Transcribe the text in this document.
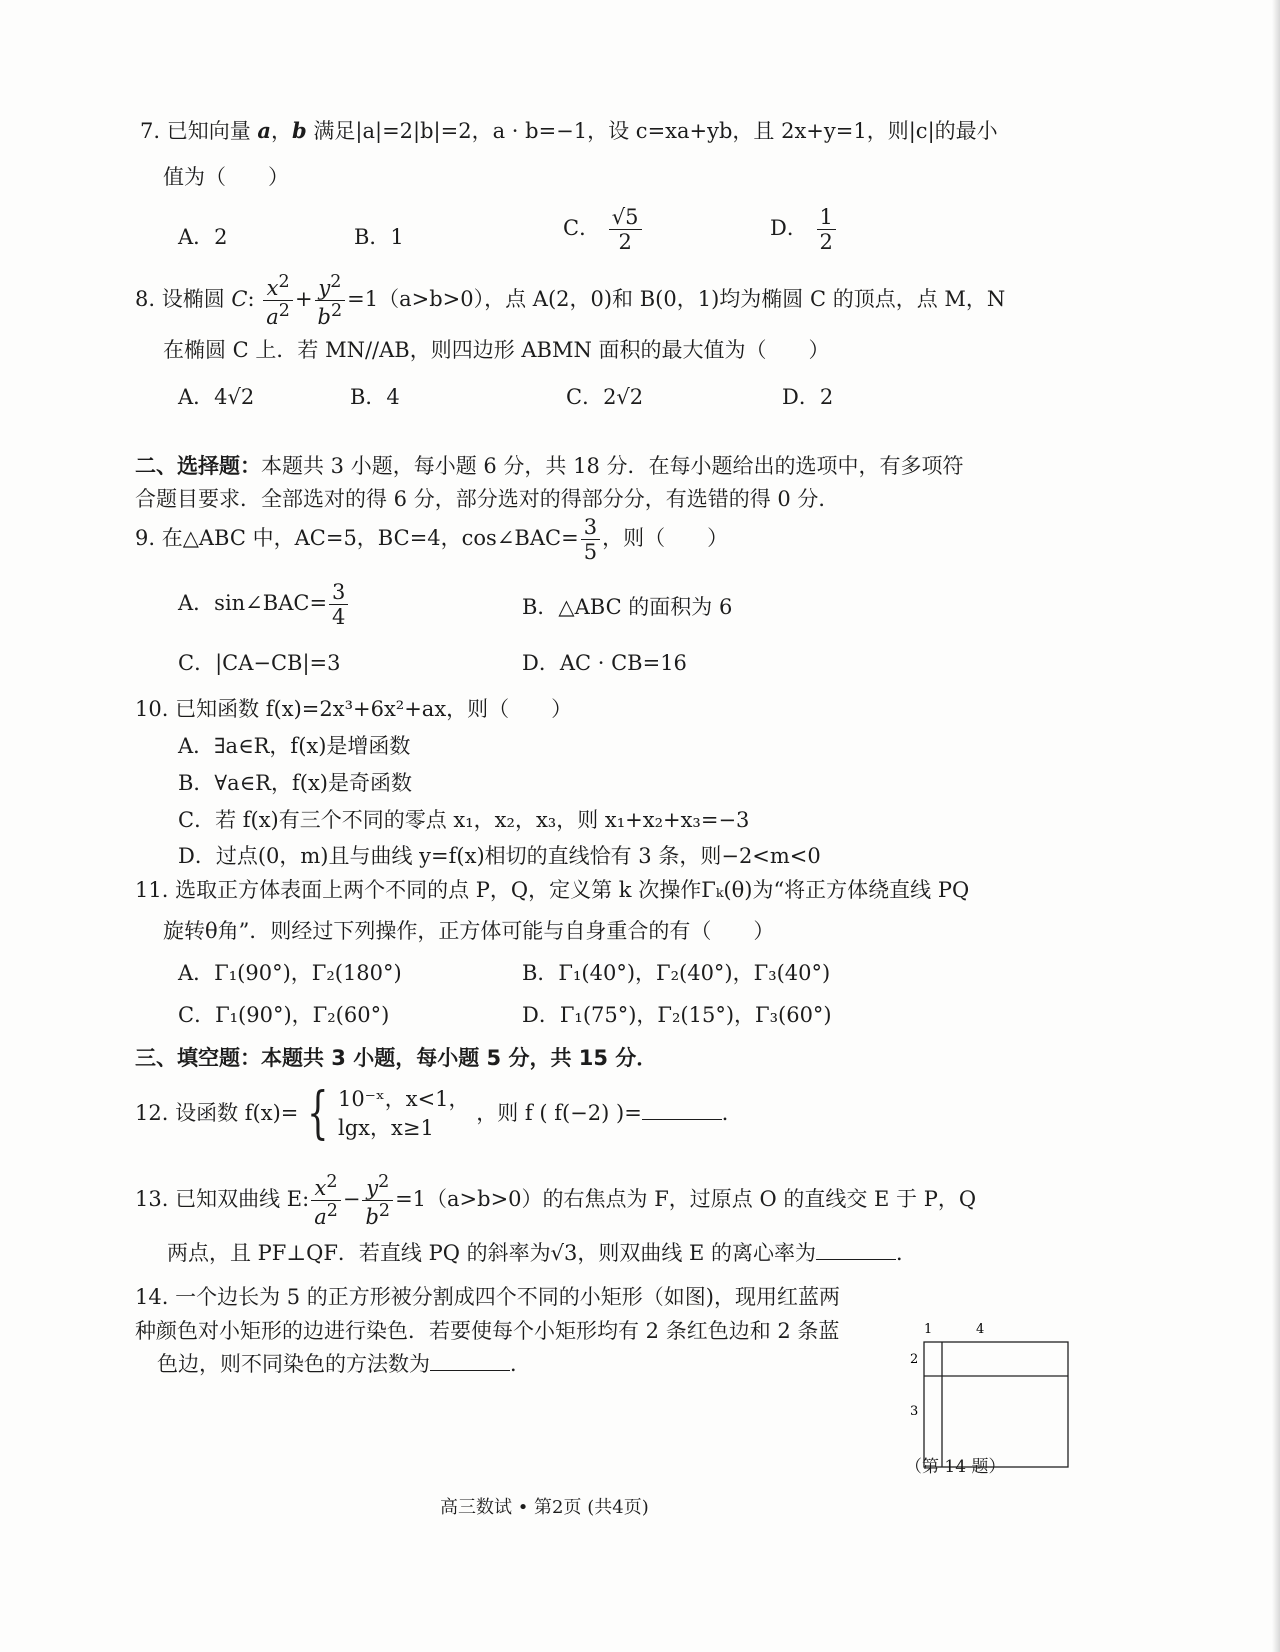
7. 已知向量 a，b 满足|a|=2|b|=2，a · b=−1，设 c=xa+yb，且 2x+y=1，则|c|的最小
值为（　　）
A．2	B．1	C． $\frac{√5}{2}$	D． $\frac{1}{2}$
8. 设椭圆 C: $\frac{x^2}{a^2} + \frac{y^2}{b^2} =1(a>b>0)$，点 A(2，0)和 B(0，1)均为椭圆 C 的顶点，点 M，N
在椭圆 C 上．若 MN//AB，则四边形 ABMN 面积的最大值为（　　）
A．4√2	B．4	C．2√2	D．2
二、选择题：本题共 3 小题，每小题 6 分，共 18 分．在每小题给出的选项中，有多项符
合题目要求．全部选对的得 6 分，部分选对的得部分分，有选错的得 0 分．
9. 在△ABC 中，AC=5，BC=4，cos∠BAC= $\frac{3}{5}$ ，则（　　）
A．sin∠BAC= $\frac{3}{4}$	B．△ABC 的面积为 6
C．|CA−CB|=3	D．AC · CB=16
10. 已知函数 f(x)=2x³+6x²+ax，则（　　）
A．∃a∈R，f(x)是增函数
B．∀a∈R，f(x)是奇函数
C．若 f(x)有三个不同的零点 x₁，x₂，x₃，则 x₁+x₂+x₃=−3
D．过点(0，m)且与曲线 y=f(x)相切的直线恰有 3 条，则−2<m<0
11. 选取正方体表面上两个不同的点 P，Q，定义第 k 次操作Γₖ(θ)为“将正方体绕直线 PQ
旋转θ角”．则经过下列操作，正方体可能与自身重合的有（　　）
A．Γ₁(90°)，Γ₂(180°)	B．Γ₁(40°)，Γ₂(40°)，Γ₃(40°)
C．Γ₁(90°)，Γ₂(60°)	D．Γ₁(75°)，Γ₂(15°)，Γ₃(60°)
三、填空题：本题共 3 小题，每小题 5 分，共 15 分．
12. 设函数 f(x)= { 10⁻ˣ，x<1，
lgx，x≥1
，则 f ( f(−2) )=	．
13. 已知双曲线 E: $\frac{x^2}{a^2} - \frac{y^2}{b^2} =1(a>b>0)$的右焦点为 F，过原点 O 的直线交 E 于 P，Q
两点，且 PF⊥QF．若直线 PQ 的斜率为√3，则双曲线 E 的离心率为	．
14. 一个边长为 5 的正方形被分割成四个不同的小矩形（如图)，现用红蓝两
种颜色对小矩形的边进行染色．若要使每个小矩形均有 2 条红色边和 2 条蓝
色边，则不同染色的方法数为	．
1	4
2
3
（第 14 题）
高三数试 • 第2页 (共4页)
